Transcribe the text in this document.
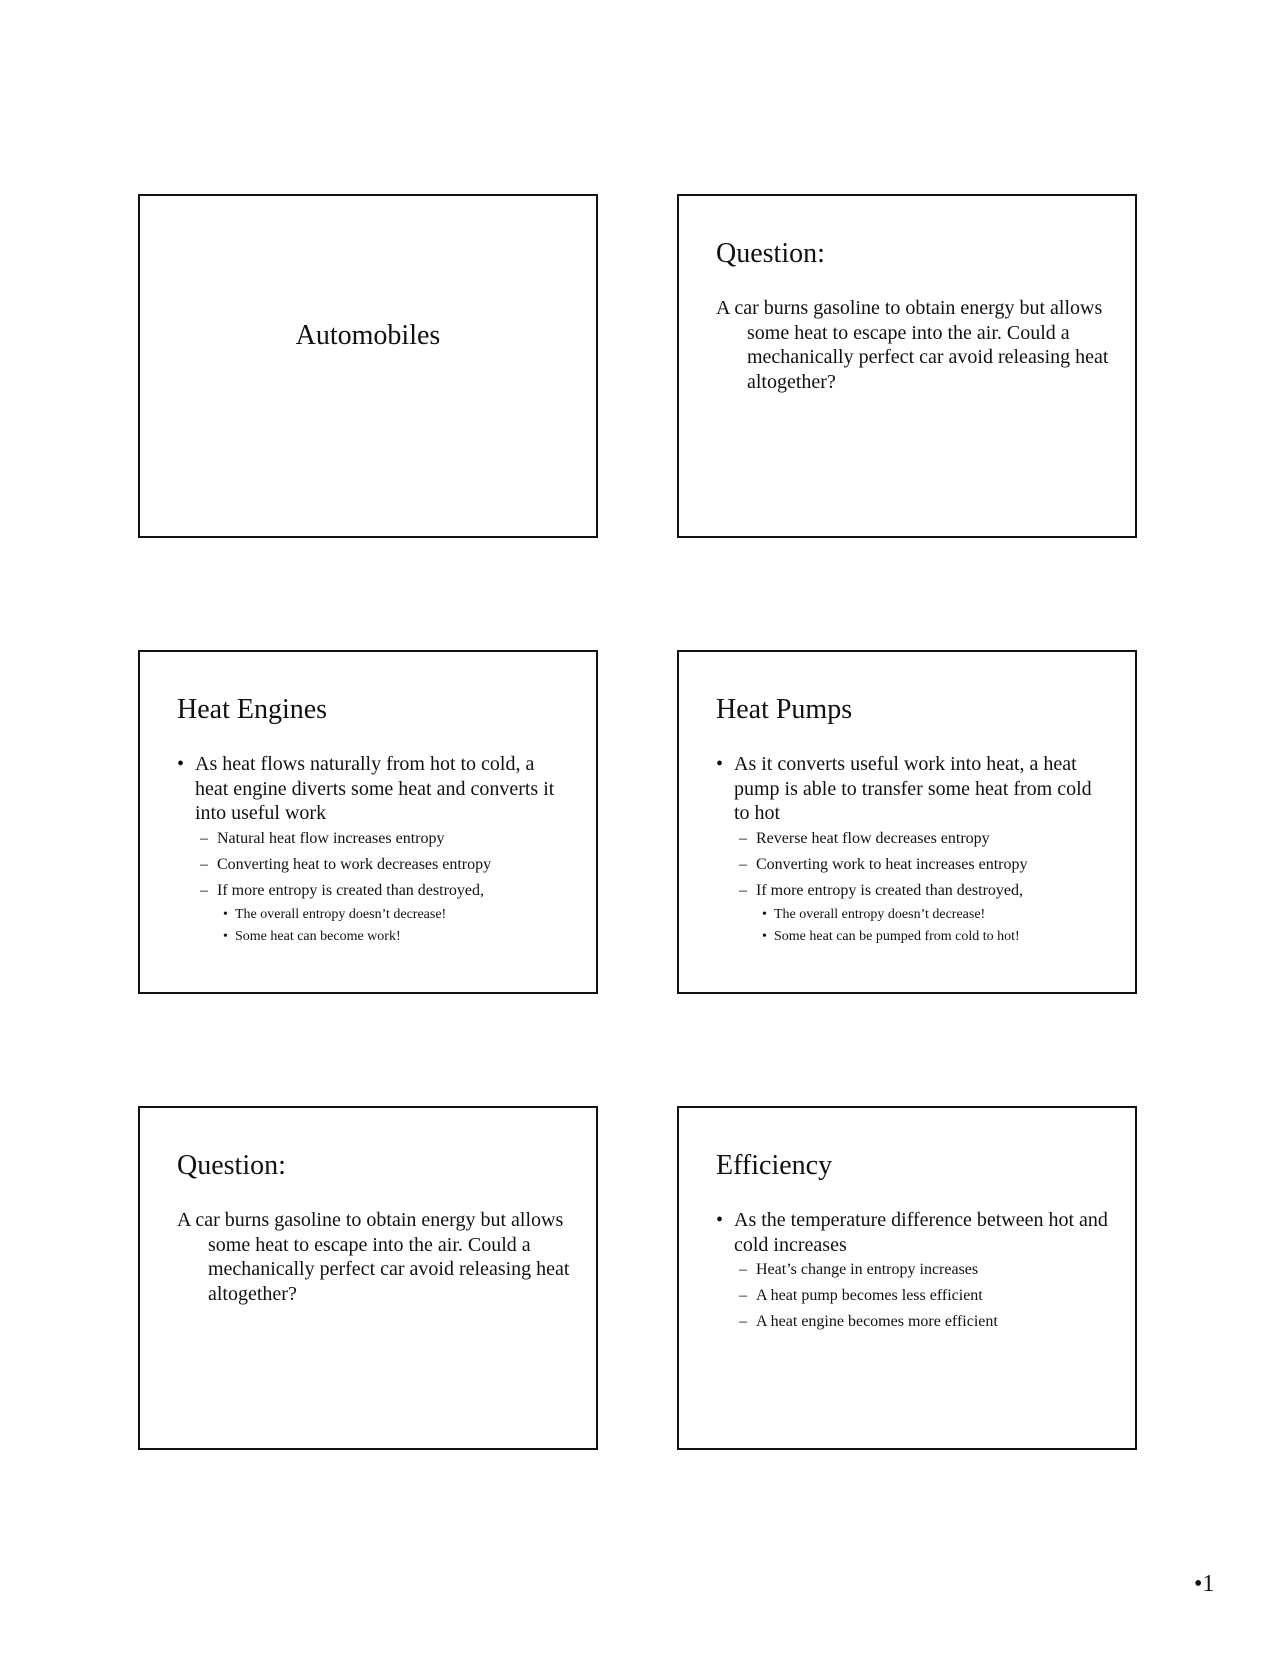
Automobiles
Question:
A car burns gasoline to obtain energy but allows some heat to escape into the air. Could a mechanically perfect car avoid releasing heat altogether?
Heat Engines
• As heat flows naturally from hot to cold, a heat engine diverts some heat and converts it into useful work
– Natural heat flow increases entropy
– Converting heat to work decreases entropy
– If more entropy is created than destroyed,
• The overall entropy doesn’t decrease!
• Some heat can become work!
Heat Pumps
• As it converts useful work into heat, a heat pump is able to transfer some heat from cold to hot
– Reverse heat flow decreases entropy
– Converting work to heat increases entropy
– If more entropy is created than destroyed,
• The overall entropy doesn’t decrease!
• Some heat can be pumped from cold to hot!
Question:
A car burns gasoline to obtain energy but allows some heat to escape into the air. Could a mechanically perfect car avoid releasing heat altogether?
Efficiency
• As the temperature difference between hot and cold increases
– Heat’s change in entropy increases
– A heat pump becomes less efficient
– A heat engine becomes more efficient
•1
